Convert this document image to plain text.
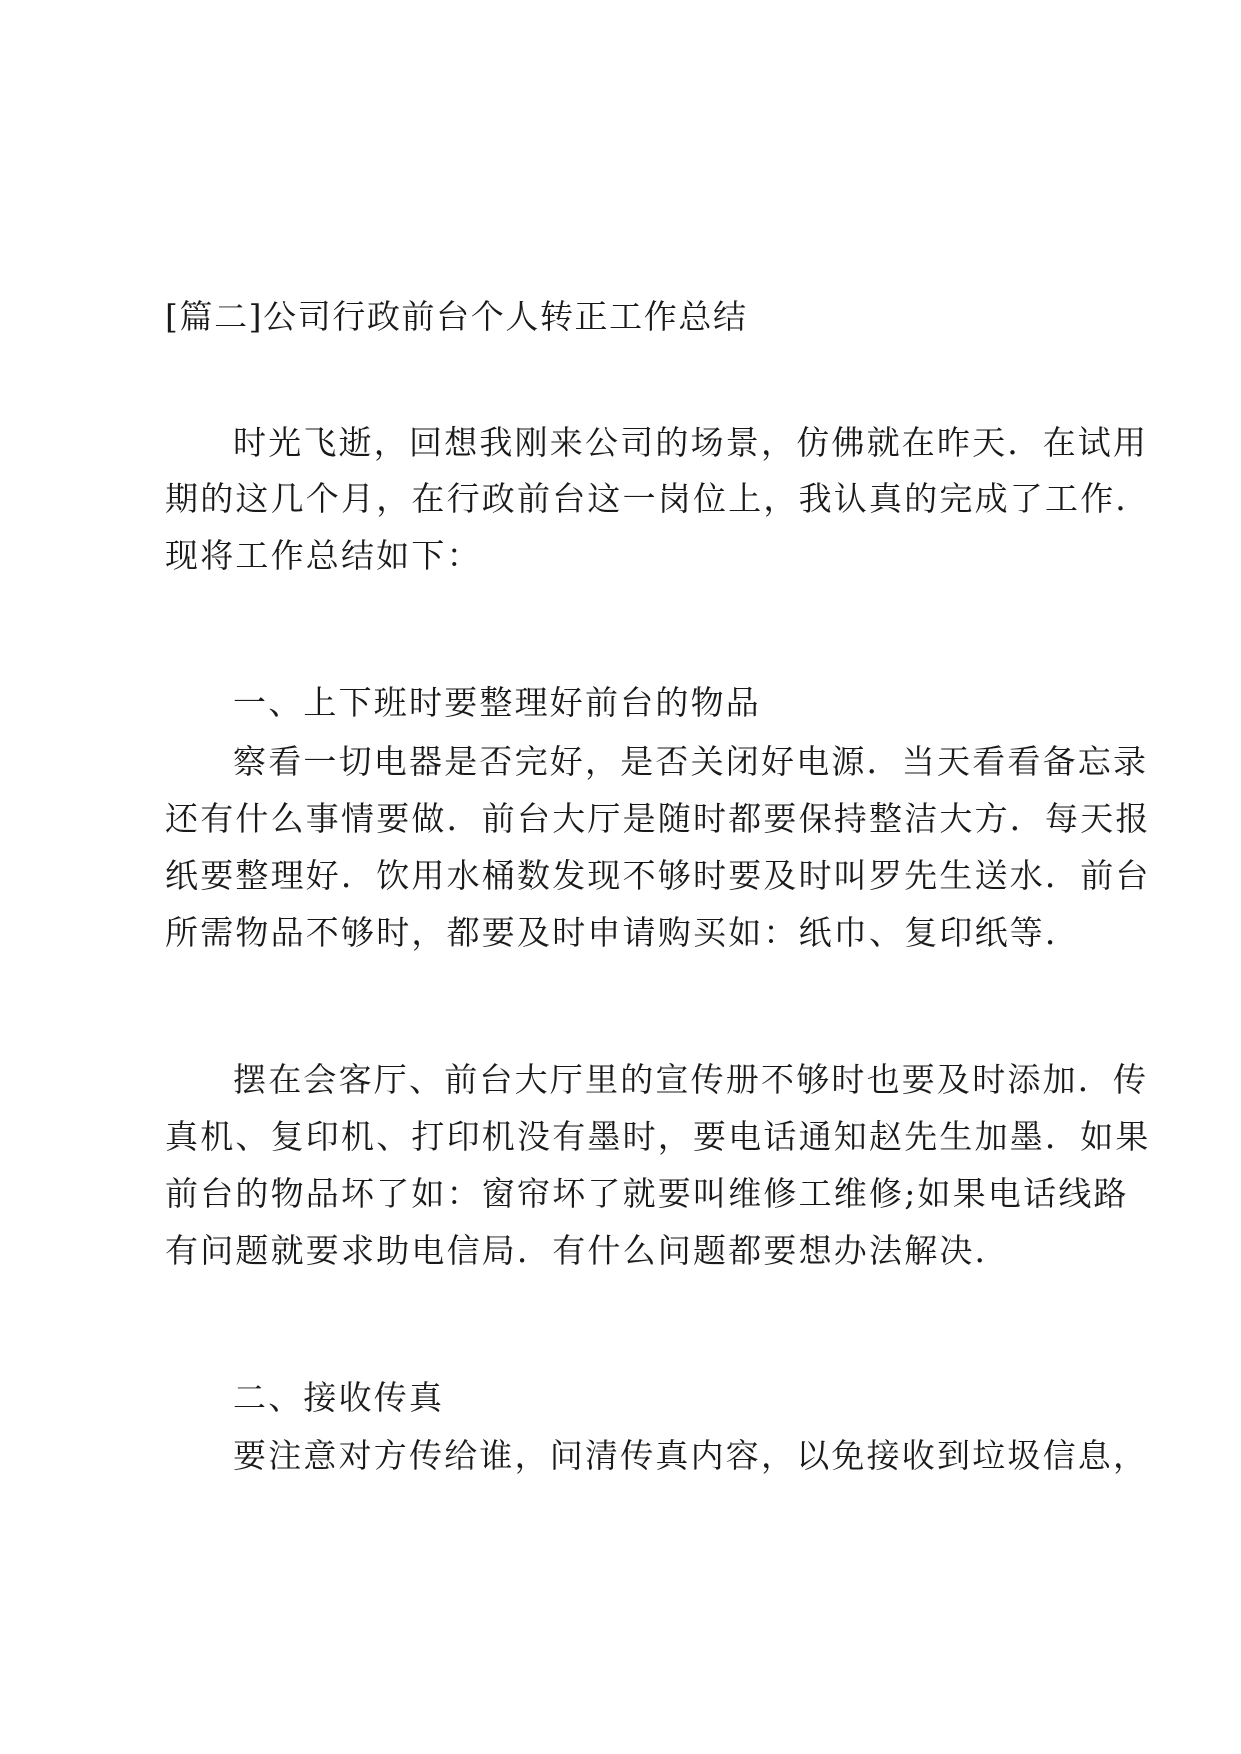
[篇二]公司行政前台个人转正工作总结
时光飞逝，回想我刚来公司的场景，仿佛就在昨天．在试用
期的这几个月，在行政前台这一岗位上，我认真的完成了工作．
现将工作总结如下：
一、上下班时要整理好前台的物品
察看一切电器是否完好，是否关闭好电源．当天看看备忘录
还有什么事情要做．前台大厅是随时都要保持整洁大方．每天报
纸要整理好．饮用水桶数发现不够时要及时叫罗先生送水．前台
所需物品不够时，都要及时申请购买如：纸巾、复印纸等．
摆在会客厅、前台大厅里的宣传册不够时也要及时添加．传
真机、复印机、打印机没有墨时，要电话通知赵先生加墨．如果
前台的物品坏了如：窗帘坏了就要叫维修工维修;如果电话线路
有问题就要求助电信局．有什么问题都要想办法解决．
二、接收传真
要注意对方传给谁，问清传真内容，以免接收到垃圾信息，
